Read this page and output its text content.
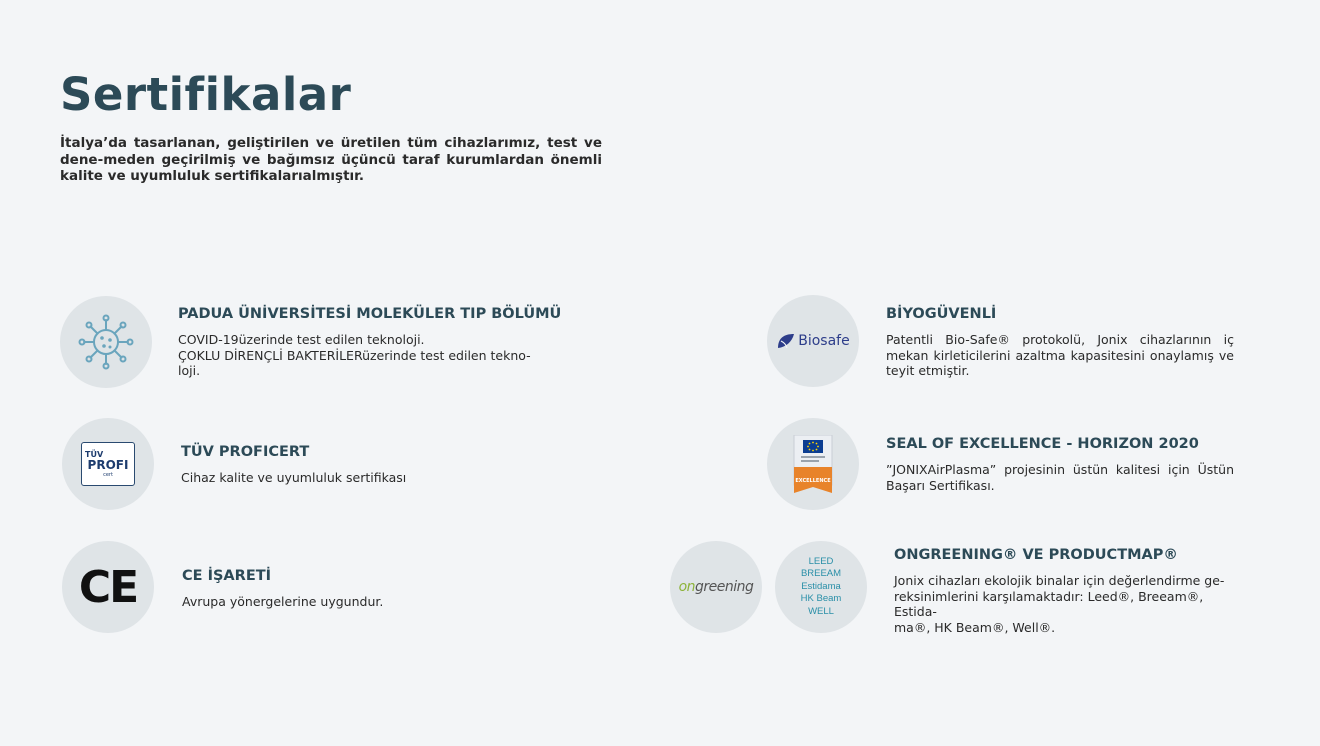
Sertifikalar

İtalya’da tasarlanan, geliştirilen ve üretilen tüm cihazlarımız, test ve dene-meden geçirilmiş ve bağımsız üçüncü taraf kurumlardan önemli kalite ve uyumluluk sertifikalarıalmıştır.

PADUA ÜNİVERSİTESİ MOLEKÜLER TIP BÖLÜMÜ
COVID-19üzerinde test edilen teknoloji.
ÇOKLU DİRENÇLİ BAKTERİLERüzerinde test edilen tekno-
loji.
TÜV
PROFI
cert
TÜV PROFICERT

Cihaz kalite ve uyumluluk sertifikası

CE	CE İŞARETİ

Avrupa yönergelerine uygundur.

Biosafe
BİYOGÜVENLİ

Patentli Bio-Safe® protokolü, Jonix cihazlarının iç mekan kirleticilerini azaltma kapasitesini onaylamış ve teyit etmiştir.

EXCELLENCE
SEAL OF EXCELLENCE - HORIZON 2020

”JONIXAirPlasma” projesinin üstün kalitesi için Üstün Başarı Sertifikası.

ongreening
LEED
BREEAM
Estidama
HK Beam
WELL
ONGREENING® VE PRODUCTMAP®
Jonix cihazları ekolojik binalar için değerlendirme ge-
reksinimlerini karşılamaktadır: Leed®, Breeam®, Estida-
ma®, HK Beam®, Well®.
